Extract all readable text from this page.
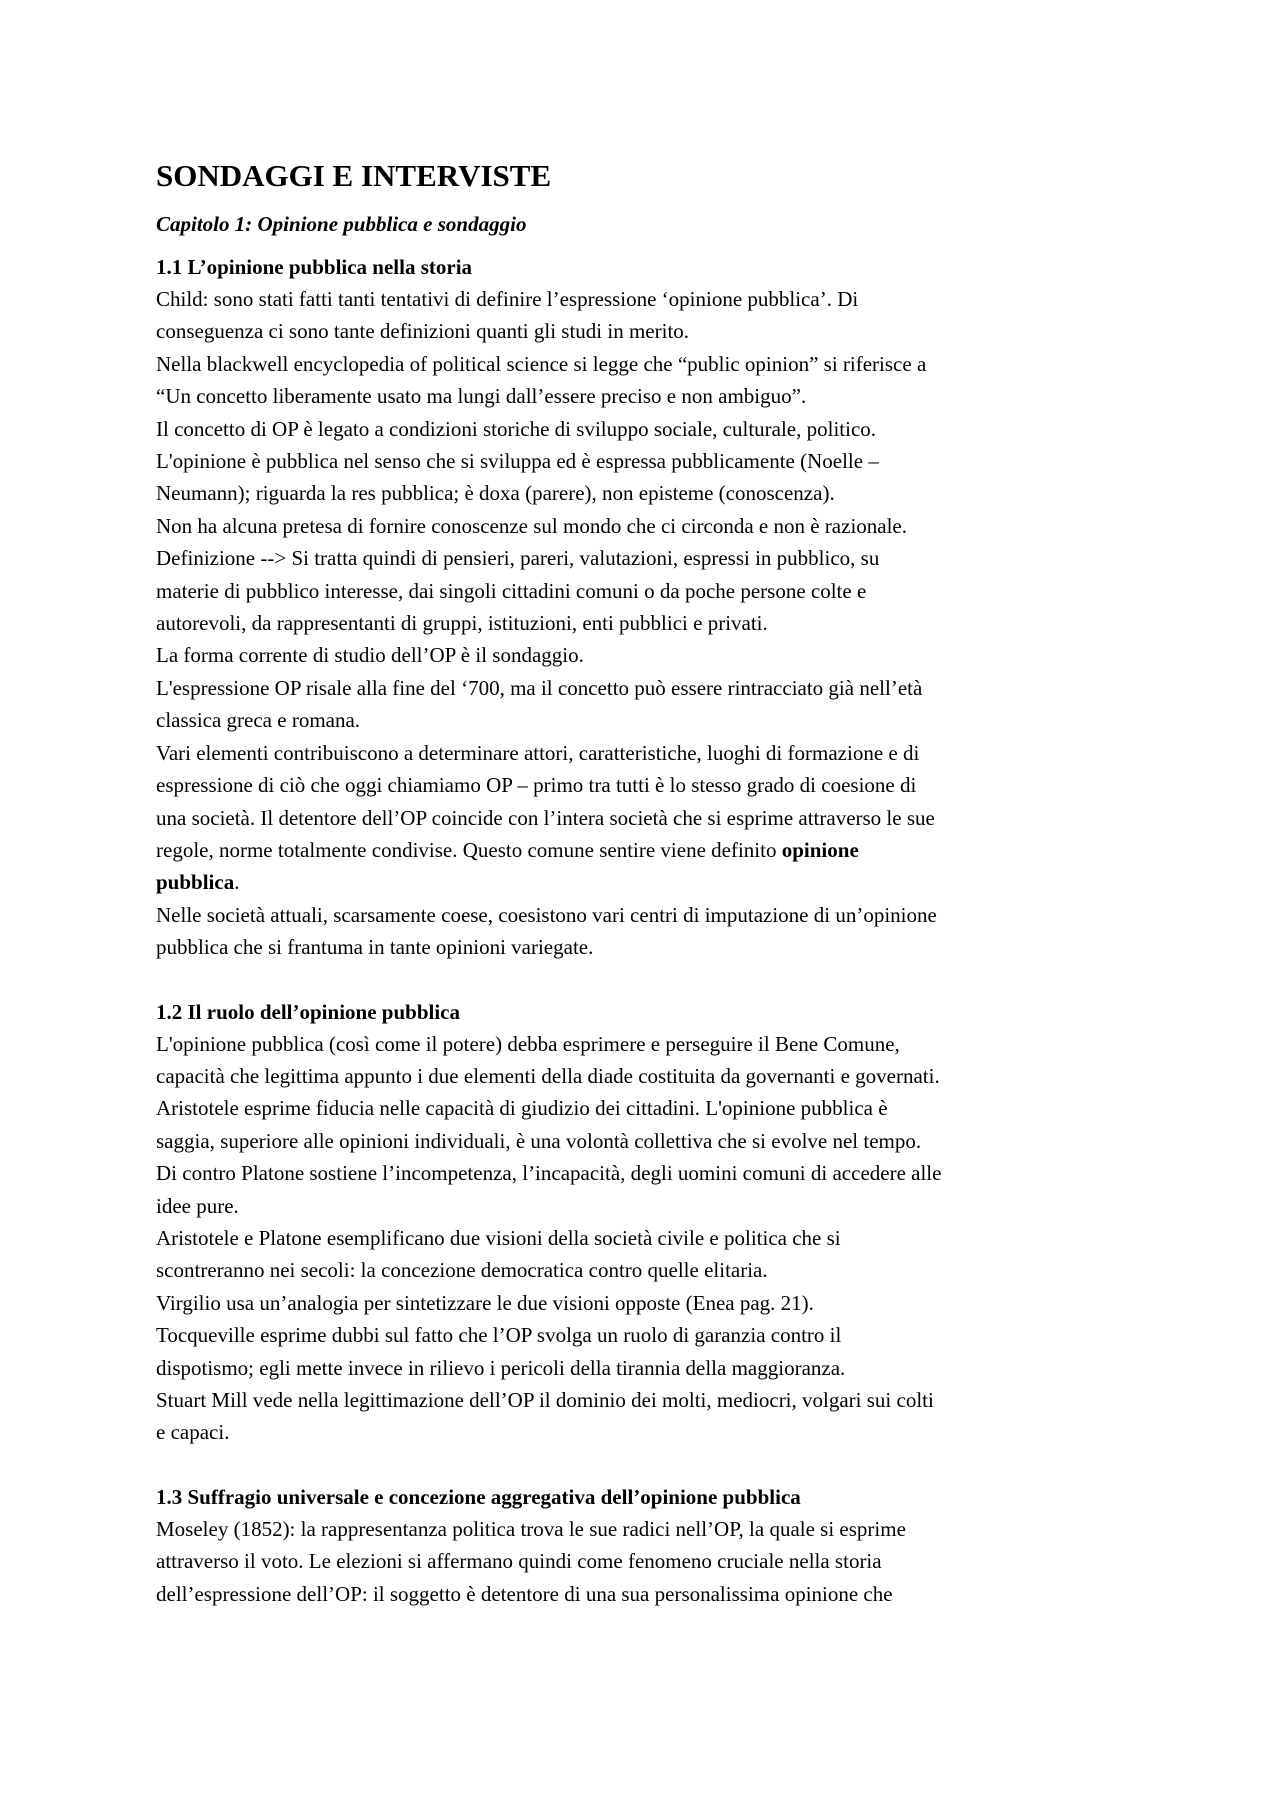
SONDAGGI E INTERVISTE
Capitolo 1: Opinione pubblica e sondaggio
1.1 L’opinione pubblica nella storia
Child: sono stati fatti tanti tentativi di definire l’espressione ‘opinione pubblica’. Di
conseguenza ci sono tante definizioni quanti gli studi in merito.
Nella blackwell encyclopedia of political science si legge che “public opinion” si riferisce a
“Un concetto liberamente usato ma lungi dall’essere preciso e non ambiguo”.
Il concetto di OP è legato a condizioni storiche di sviluppo sociale, culturale, politico.
L'opinione è pubblica nel senso che si sviluppa ed è espressa pubblicamente (Noelle –
Neumann); riguarda la res pubblica; è doxa (parere), non episteme (conoscenza).
Non ha alcuna pretesa di fornire conoscenze sul mondo che ci circonda e non è razionale.
Definizione --> Si tratta quindi di pensieri, pareri, valutazioni, espressi in pubblico, su
materie di pubblico interesse, dai singoli cittadini comuni o da poche persone colte e
autorevoli, da rappresentanti di gruppi, istituzioni, enti pubblici e privati.
La forma corrente di studio dell’OP è il sondaggio.
L'espressione OP risale alla fine del ‘700, ma il concetto può essere rintracciato già nell’età
classica greca e romana.
Vari elementi contribuiscono a determinare attori, caratteristiche, luoghi di formazione e di
espressione di ciò che oggi chiamiamo OP – primo tra tutti è lo stesso grado di coesione di
una società. Il detentore dell’OP coincide con l’intera società che si esprime attraverso le sue
regole, norme totalmente condivise. Questo comune sentire viene definito opinione
pubblica.
Nelle società attuali, scarsamente coese, coesistono vari centri di imputazione di un’opinione
pubblica che si frantuma in tante opinioni variegate.
1.2 Il ruolo dell’opinione pubblica
L'opinione pubblica (così come il potere) debba esprimere e perseguire il Bene Comune,
capacità che legittima appunto i due elementi della diade costituita da governanti e governati.
Aristotele esprime fiducia nelle capacità di giudizio dei cittadini. L'opinione pubblica è
saggia, superiore alle opinioni individuali, è una volontà collettiva che si evolve nel tempo.
Di contro Platone sostiene l’incompetenza, l’incapacità, degli uomini comuni di accedere alle
idee pure.
Aristotele e Platone esemplificano due visioni della società civile e politica che si
scontreranno nei secoli: la concezione democratica contro quelle elitaria.
Virgilio usa un’analogia per sintetizzare le due visioni opposte (Enea pag. 21).
Tocqueville esprime dubbi sul fatto che l’OP svolga un ruolo di garanzia contro il
dispotismo; egli mette invece in rilievo i pericoli della tirannia della maggioranza.
Stuart Mill vede nella legittimazione dell’OP il dominio dei molti, mediocri, volgari sui colti
e capaci.
1.3 Suffragio universale e concezione aggregativa dell’opinione pubblica
Moseley (1852): la rappresentanza politica trova le sue radici nell’OP, la quale si esprime
attraverso il voto. Le elezioni si affermano quindi come fenomeno cruciale nella storia
dell’espressione dell’OP: il soggetto è detentore di una sua personalissima opinione che
